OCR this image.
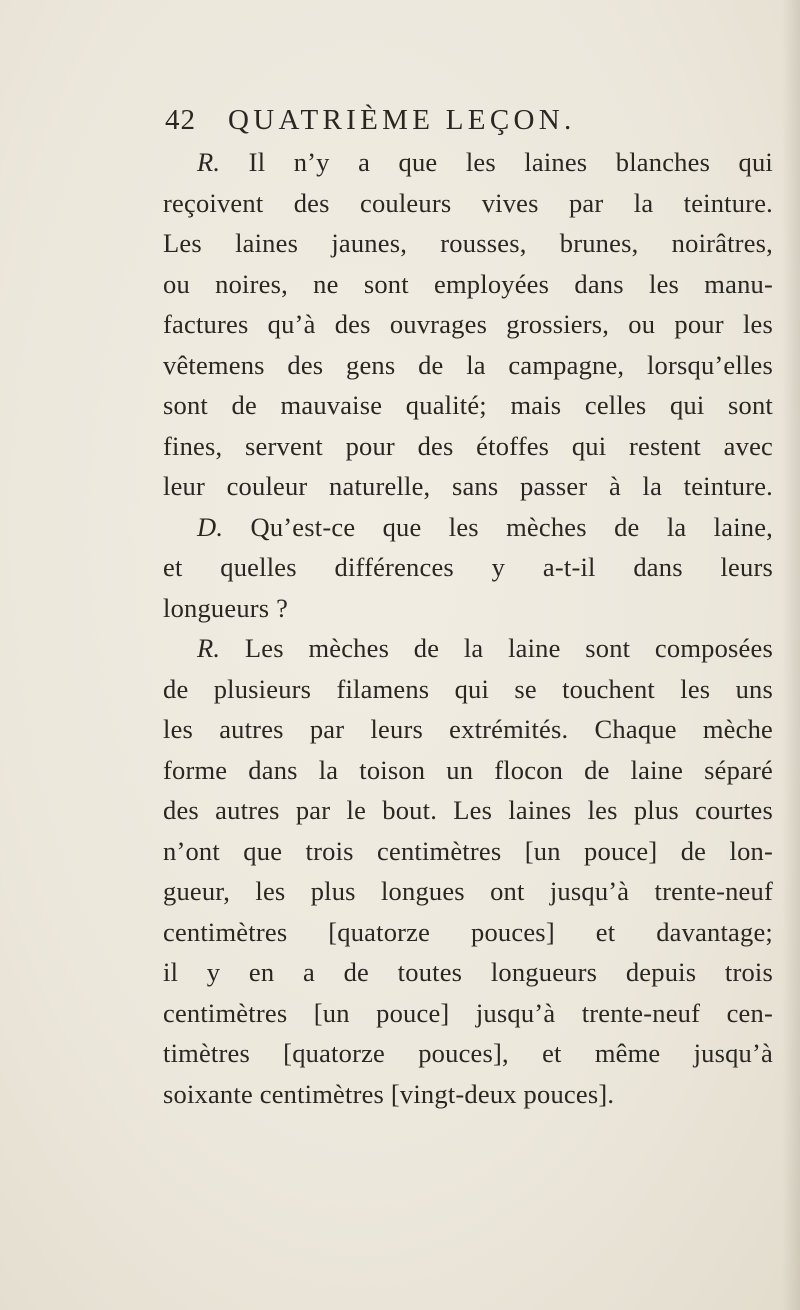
42 QUATRIÈME LEÇON.
R. Il n’y a que les laines blanches qui
reçoivent des couleurs vives par la teinture.
Les laines jaunes, rousses, brunes, noirâtres,
ou noires, ne sont employées dans les manu-
factures qu’à des ouvrages grossiers, ou pour les
vêtemens des gens de la campagne, lorsqu’elles
sont de mauvaise qualité; mais celles qui sont
fines, servent pour des étoffes qui restent avec
leur couleur naturelle, sans passer à la teinture.
D. Qu’est-ce que les mèches de la laine,
et quelles différences y a-t-il dans leurs
longueurs ?
R. Les mèches de la laine sont composées
de plusieurs filamens qui se touchent les uns
les autres par leurs extrémités. Chaque mèche
forme dans la toison un flocon de laine séparé
des autres par le bout. Les laines les plus courtes
n’ont que trois centimètres [un pouce] de lon-
gueur, les plus longues ont jusqu’à trente-neuf
centimètres [quatorze pouces] et davantage;
il y en a de toutes longueurs depuis trois
centimètres [un pouce] jusqu’à trente-neuf cen-
timètres [quatorze pouces], et même jusqu’à
soixante centimètres [vingt-deux pouces].
